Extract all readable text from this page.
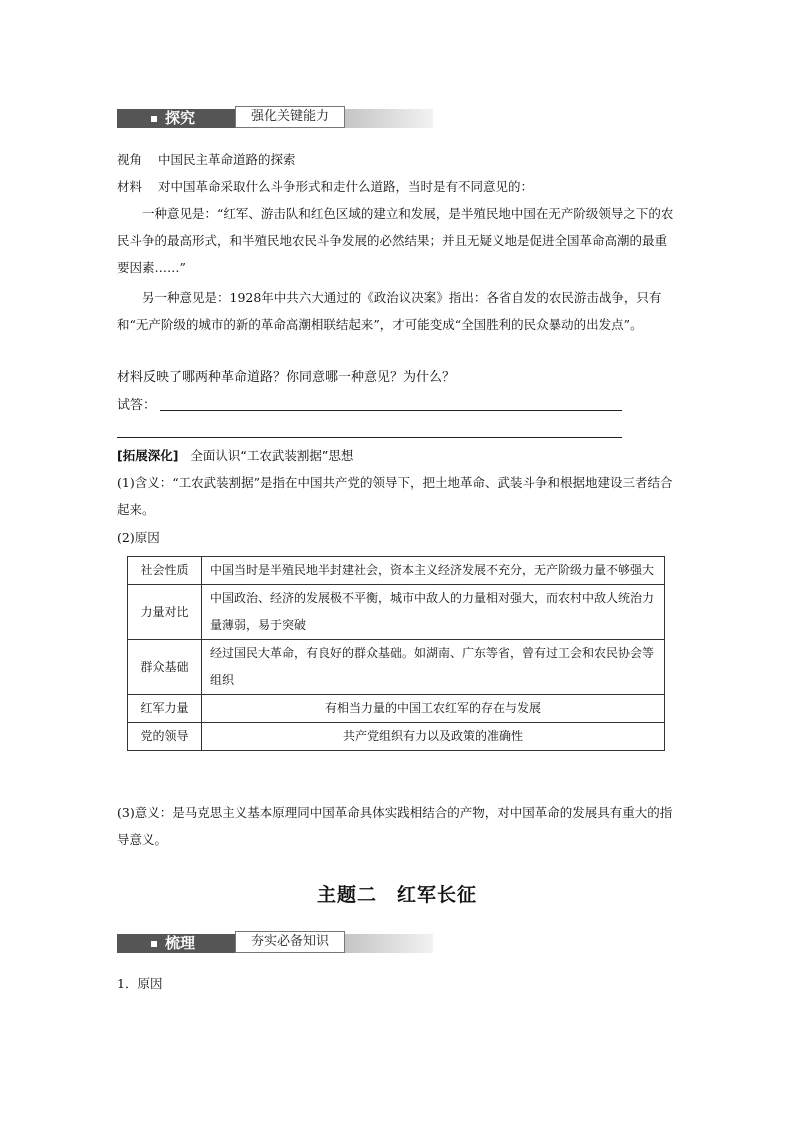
探究	强化关键能力
视角 中国民主革命道路的探索
材料 对中国革命采取什么斗争形式和走什么道路，当时是有不同意见的：
一种意见是：“红军、游击队和红色区域的建立和发展，是半殖民地中国在无产阶级领导之下的农民斗争的最高形式，和半殖民地农民斗争发展的必然结果；并且无疑义地是促进全国革命高潮的最重要因素……”
另一种意见是：1928年中共六大通过的《政治议决案》指出：各省自发的农民游击战争，只有和“无产阶级的城市的新的革命高潮相联结起来”，才可能变成“全国胜利的民众暴动的出发点”。
材料反映了哪两种革命道路？你同意哪一种意见？为什么？
试答：
[拓展深化] 全面认识“工农武装割据”思想
(1)含义：“工农武装割据”是指在中国共产党的领导下，把土地革命、武装斗争和根据地建设三者结合起来。
(2)原因
社会性质	中国当时是半殖民地半封建社会，资本主义经济发展不充分，无产阶级力量不够强大
力量对比	中国政治、经济的发展极不平衡，城市中敌人的力量相对强大，而农村中敌人统治力量薄弱，易于突破
群众基础	经过国民大革命，有良好的群众基础。如湖南、广东等省，曾有过工会和农民协会等组织
红军力量	有相当力量的中国工农红军的存在与发展
党的领导	共产党组织有力以及政策的准确性
(3)意义：是马克思主义基本原理同中国革命具体实践相结合的产物，对中国革命的发展具有重大的指导意义。
主题二　红军长征
梳理	夯实必备知识
1．原因
